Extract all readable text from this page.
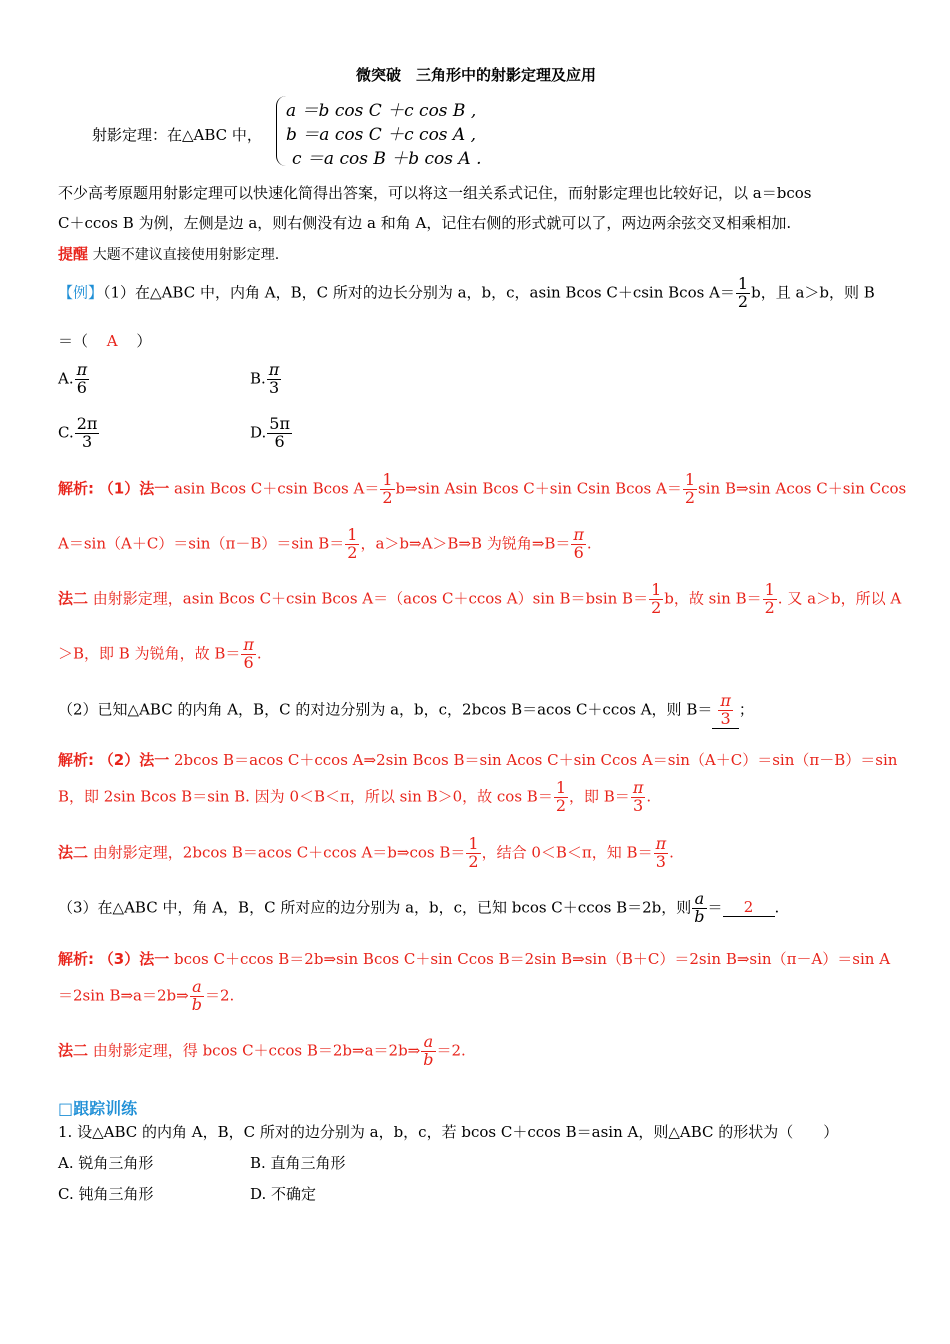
微突破　三角形中的射影定理及应用
射影定理：在△ABC 中，
a ＝b cos C ＋c cos B ,
b ＝a cos C ＋c cos A ,
c ＝a cos B ＋b cos A .
不少高考原题用射影定理可以快速化简得出答案，可以将这一组关系式记住，而射影定理也比较好记，以 a＝bcos
C＋ccos B 为例，左侧是边 a，则右侧没有边 a 和角 A，记住右侧的形式就可以了，两边两余弦交叉相乘相加.
提醒 大题不建议直接使用射影定理.
【例】（1）在△ABC 中，内角 A，B，C 所对的边长分别为 a，b，c，asin Bcos C＋csin Bcos $A= \frac{1}{2}$ b，且 a＞b，则 B
＝（ A ）
A. $\frac{\pi}{6}$	B. $\frac{\pi}{3}$
C. $\frac{2\pi}{3}$	D. $\frac{5\pi}{6}$
解析: （1）法一 asin Bcos C＋csin Bcos $A= \frac{1}{2}$ b⇒sin Asin Bcos C＋sin Csin Bcos $A= \frac{1}{2}$ sin B⇒sin Acos C＋sin Ccos
A＝sin（A＋C）＝sin（π－B）＝sin $B= \frac{1}{2}$ ，a＞b⇒A＞B⇒B 为锐角⇒B＝ $\frac{\pi}{6}$ .
法二 由射影定理，asin Bcos C＋csin Bcos A＝（acos C＋ccos A）sin B＝bsin $B= \frac{1}{2}$ b，故 $\sin B= \frac{1}{2}$ . 又 a＞b，所以 A
＞B，即 B 为锐角，故 $B= \frac{\pi}{6}$ .
（2）已知△ABC 的内角 A，B，C 的对边分别为 a，b，c，2bcos B＝acos C＋ccos A，则 $B= \frac{\pi}{3}$ ；
解析: （2）法一 2bcos B＝acos C＋ccos A⇒2sin Bcos B＝sin Acos C＋sin Ccos A＝sin（A＋C）＝sin（π－B）＝sin
B，即 2sin Bcos B＝sin B. 因为 0＜B＜π，所以 sin B＞0，故 $\cos B= \frac{1}{2}$ ，即 $B= \frac{\pi}{3}$ .
法二 由射影定理，2bcos B＝acos C＋ccos A＝b⇒cos $B= \frac{1}{2}$ ，结合 0＜B＜π，知 $B= \frac{\pi}{3}$ .
（3）在△ABC 中，角 A，B，C 所对应的边分别为 a，b，c，已知 bcos C＋ccos B＝2b，则 $\frac{a}{b} = 2$ .
解析: （3）法一 bcos C＋ccos B＝2b⇒sin Bcos C＋sin Ccos B＝2sin B⇒sin（B＋C）＝2sin B⇒sin（π－A）＝sin A
＝2sin B⇒a＝2b⇒ $\frac{a}{b} =2$.
法二 由射影定理，得 bcos C＋ccos B＝2b⇒a＝2b⇒ $\frac{a}{b} =2$.
□跟踪训练
1. 设△ABC 的内角 A，B，C 所对的边分别为 a，b，c，若 bcos C＋ccos B＝asin A，则△ABC 的形状为（　　）
A. 锐角三角形	B. 直角三角形
C. 钝角三角形	D. 不确定
